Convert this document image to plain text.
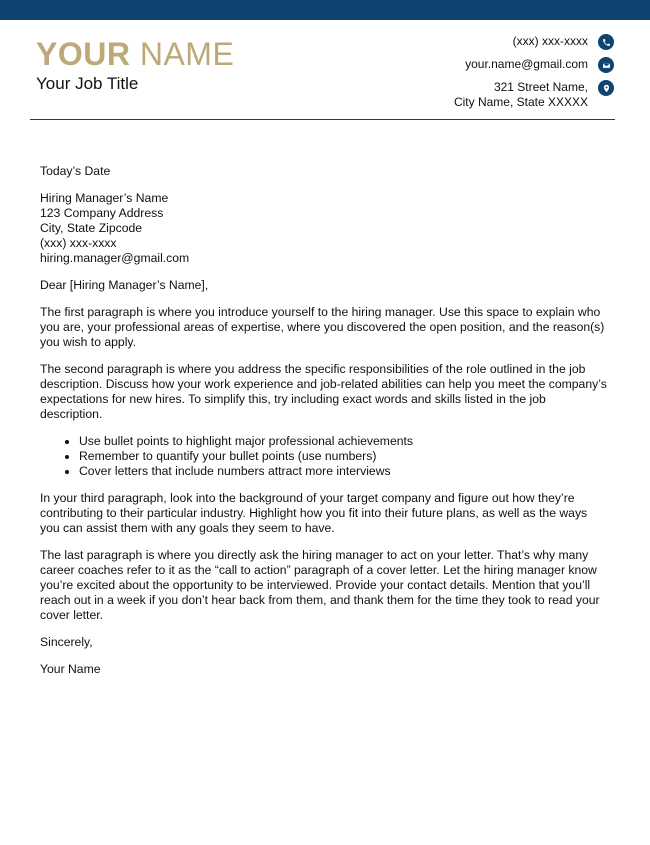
YOUR NAME
Your Job Title
(xxx) xxx-xxxx
your.name@gmail.com
321 Street Name,
City Name, State XXXXX

Today’s Date

Hiring Manager’s Name
123 Company Address
City, State Zipcode
(xxx) xxx-xxxx
hiring.manager@gmail.com

Dear [Hiring Manager’s Name],

The first paragraph is where you introduce yourself to the hiring manager. Use this space to explain who you are, your professional areas of expertise, where you discovered the open position, and the reason(s) you wish to apply.

The second paragraph is where you address the specific responsibilities of the role outlined in the job description. Discuss how your work experience and job-related abilities can help you meet the company’s expectations for new hires. To simplify this, try including exact words and skills listed in the job description.

• Use bullet points to highlight major professional achievements
• Remember to quantify your bullet points (use numbers)
• Cover letters that include numbers attract more interviews

In your third paragraph, look into the background of your target company and figure out how they’re contributing to their particular industry. Highlight how you fit into their future plans, as well as the ways you can assist them with any goals they seem to have.

The last paragraph is where you directly ask the hiring manager to act on your letter. That’s why many career coaches refer to it as the “call to action” paragraph of a cover letter. Let the hiring manager know you’re excited about the opportunity to be interviewed. Provide your contact details. Mention that you’ll reach out in a week if you don’t hear back from them, and thank them for the time they took to read your cover letter.

Sincerely,

Your Name
